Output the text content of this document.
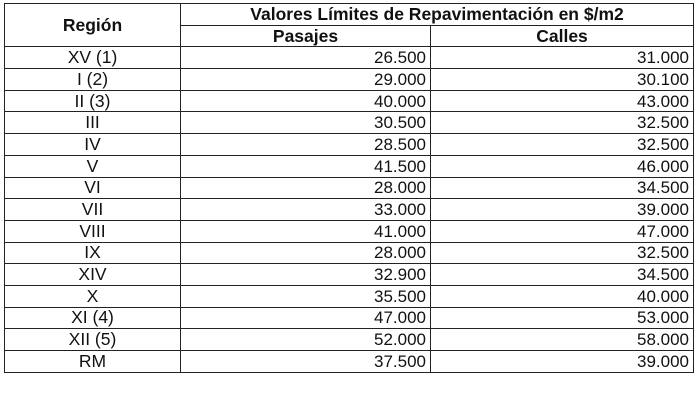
Región	Valores Límites de Repavimentación en $/m2	
	Pasajes	Calles
XV (1)	26.500	31.000
I (2)	29.000	30.100
II (3)	40.000	43.000
III	30.500	32.500
IV	28.500	32.500
V	41.500	46.000
VI	28.000	34.500
VII	33.000	39.000
VIII	41.000	47.000
IX	28.000	32.500
XIV	32.900	34.500
X	35.500	40.000
XI (4)	47.000	53.000
XII (5)	52.000	58.000
RM	37.500	39.000
